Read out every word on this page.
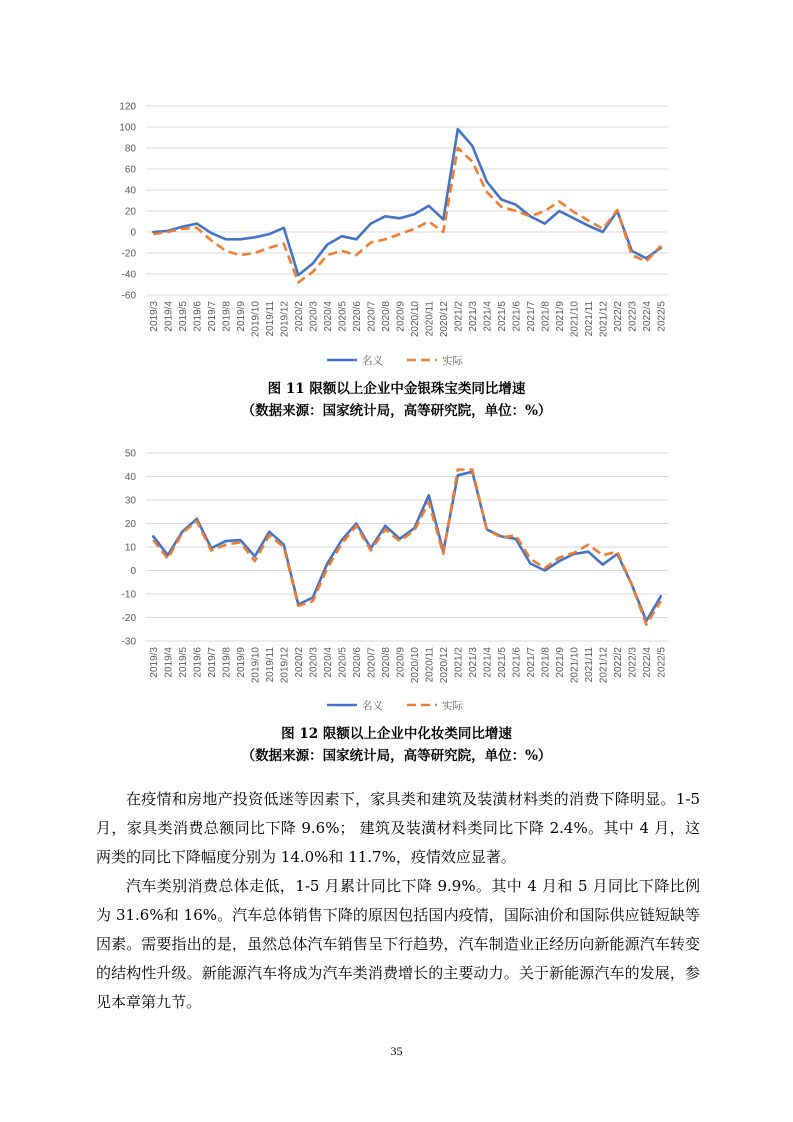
-60
-40
-20
0
20
40
60
80
100
120
2019/3 2019/4 2019/5 2019/6 2019/7 2019/8 2019/9 2019/10 2019/11 2019/12 2020/2 2020/3 2020/4 2020/5 2020/6 2020/7 2020/8 2020/9 2020/10 2020/11 2020/12 2021/2 2021/3 2021/4 2021/5 2021/6 2021/7 2021/8 2021/9 2021/10 2021/11 2021/12 2022/2 2022/3 2022/4 2022/5
名义	实际
图 11 限额以上企业中金银珠宝类同比增速
（数据来源：国家统计局，高等研究院，单位：%）
-30
-20
-10
0
10
20
30
40
50
2019/3 2019/4 2019/5 2019/6 2019/7 2019/8 2019/9 2019/10 2019/11 2019/12 2020/2 2020/3 2020/4 2020/5 2020/6 2020/7 2020/8 2020/9 2020/10 2020/11 2020/12 2021/2 2021/3 2021/4 2021/5 2021/6 2021/7 2021/8 2021/9 2021/10 2021/11 2021/12 2022/2 2022/3 2022/4 2022/5
名义	实际
图 12 限额以上企业中化妆类同比增速
（数据来源：国家统计局，高等研究院，单位：%）

在疫情和房地产投资低迷等因素下，家具类和建筑及装潢材料类的消费下降明显。1-5 月，家具类消费总额同比下降 9.6%； 建筑及装潢材料类同比下降 2.4%。其中 4 月，这两类的同比下降幅度分别为 14.0%和 11.7%，疫情效应显著。

汽车类别消费总体走低，1-5 月累计同比下降 9.9%。其中 4 月和 5 月同比下降比例为 31.6%和 16%。汽车总体销售下降的原因包括国内疫情，国际油价和国际供应链短缺等因素。需要指出的是，虽然总体汽车销售呈下行趋势，汽车制造业正经历向新能源汽车转变的结构性升级。新能源汽车将成为汽车类消费增长的主要动力。关于新能源汽车的发展，参见本章第九节。

35
